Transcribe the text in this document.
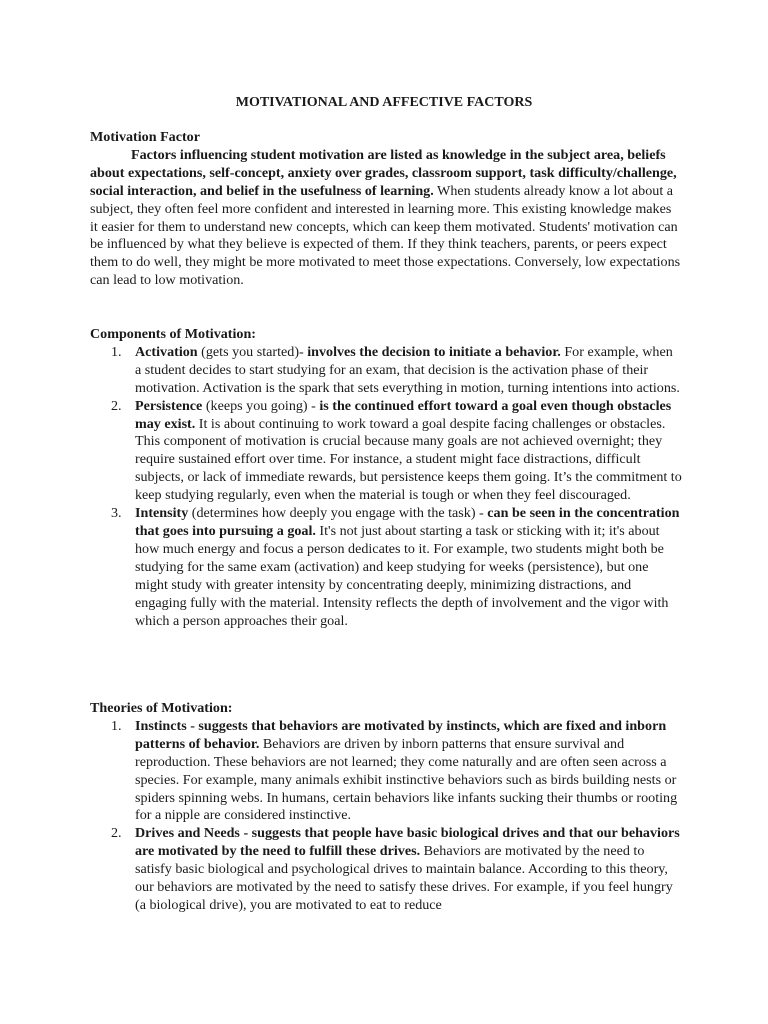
MOTIVATIONAL AND AFFECTIVE FACTORS
Motivation Factor

Factors influencing student motivation are listed as knowledge in the subject area, beliefs about expectations, self-concept, anxiety over grades, classroom support, task difficulty/challenge, social interaction, and belief in the usefulness of learning. When students already know a lot about a subject, they often feel more confident and interested in learning more. This existing knowledge makes it easier for them to understand new concepts, which can keep them motivated. Students' motivation can be influenced by what they believe is expected of them. If they think teachers, parents, or peers expect them to do well, they might be more motivated to meet those expectations. Conversely, low expectations can lead to low motivation.

Components of Motivation:
1. Activation (gets you started)- involves the decision to initiate a behavior. For example, when a student decides to start studying for an exam, that decision is the activation phase of their motivation. Activation is the spark that sets everything in motion, turning intentions into actions.
2. Persistence (keeps you going) - is the continued effort toward a goal even though obstacles may exist. It is about continuing to work toward a goal despite facing challenges or obstacles. This component of motivation is crucial because many goals are not achieved overnight; they require sustained effort over time. For instance, a student might face distractions, difficult subjects, or lack of immediate rewards, but persistence keeps them going. It’s the commitment to keep studying regularly, even when the material is tough or when they feel discouraged.
3. Intensity (determines how deeply you engage with the task) - can be seen in the concentration that goes into pursuing a goal. It's not just about starting a task or sticking with it; it's about how much energy and focus a person dedicates to it. For example, two students might both be studying for the same exam (activation) and keep studying for weeks (persistence), but one might study with greater intensity by concentrating deeply, minimizing distractions, and engaging fully with the material. Intensity reflects the depth of involvement and the vigor with which a person approaches their goal.
Theories of Motivation:
1. Instincts - suggests that behaviors are motivated by instincts, which are fixed and inborn patterns of behavior. Behaviors are driven by inborn patterns that ensure survival and reproduction. These behaviors are not learned; they come naturally and are often seen across a species. For example, many animals exhibit instinctive behaviors such as birds building nests or spiders spinning webs. In humans, certain behaviors like infants sucking their thumbs or rooting for a nipple are considered instinctive.
2. Drives and Needs - suggests that people have basic biological drives and that our behaviors are motivated by the need to fulfill these drives. Behaviors are motivated by the need to satisfy basic biological and psychological drives to maintain balance. According to this theory, our behaviors are motivated by the need to satisfy these drives. For example, if you feel hungry (a biological drive), you are motivated to eat to reduce
